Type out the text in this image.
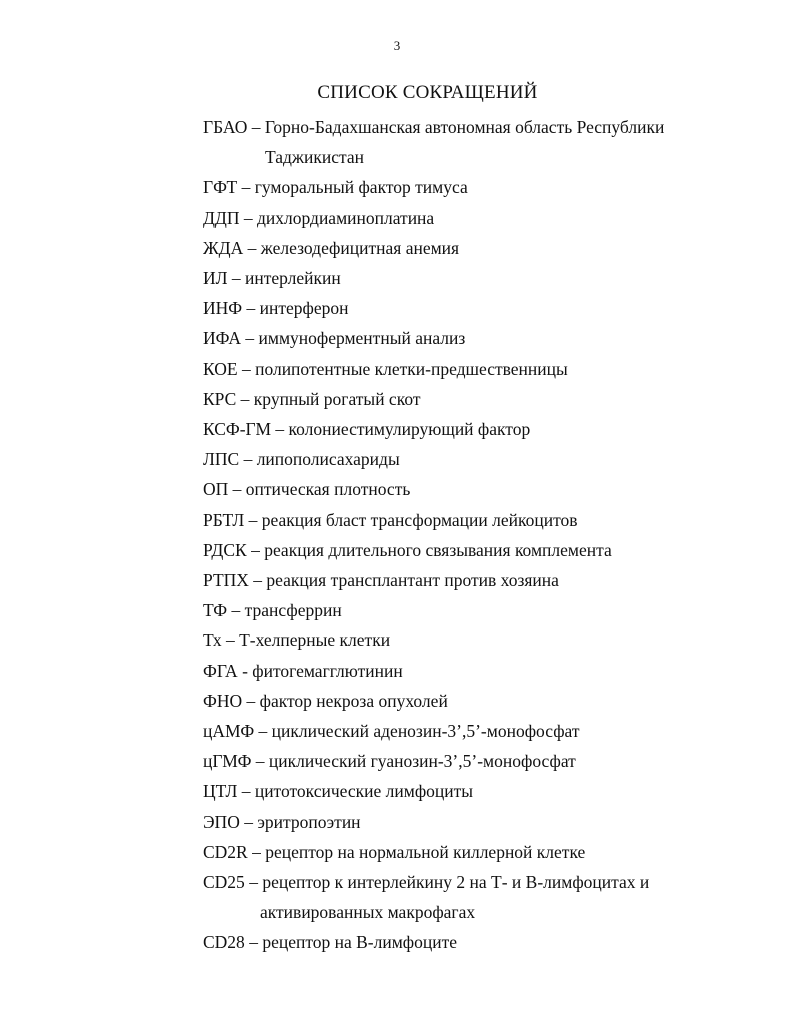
3
СПИСОК СОКРАЩЕНИЙ
ГБАО – Горно-Бадахшанская автономная область Республики
Таджикистан
ГФТ – гуморальный фактор тимуса
ДДП – дихлордиаминоплатина
ЖДА – железодефицитная анемия
ИЛ – интерлейкин
ИНФ – интерферон
ИФА – иммуноферментный анализ
КОЕ – полипотентные клетки-предшественницы
КРС – крупный рогатый скот
КСФ-ГМ – колониестимулирующий фактор
ЛПС – липополисахариды
ОП – оптическая плотность
РБТЛ – реакция бласт трансформации лейкоцитов
РДСК – реакция длительного связывания комплемента
РТПХ – реакция трансплантант против хозяина
ТФ – трансферрин
Тх – Т-хелперные клетки
ФГА - фитогемагглютинин
ФНО – фактор некроза опухолей
цАМФ – циклический аденозин-3’,5’-монофосфат
цГМФ – циклический гуанозин-3’,5’-монофосфат
ЦТЛ – цитотоксические лимфоциты
ЭПО – эритропоэтин
CD2R – рецептор на нормальной киллерной клетке
CD25 – рецептор к интерлейкину 2 на Т- и В-лимфоцитах и
активированных макрофагах
CD28 – рецептор на В-лимфоците
